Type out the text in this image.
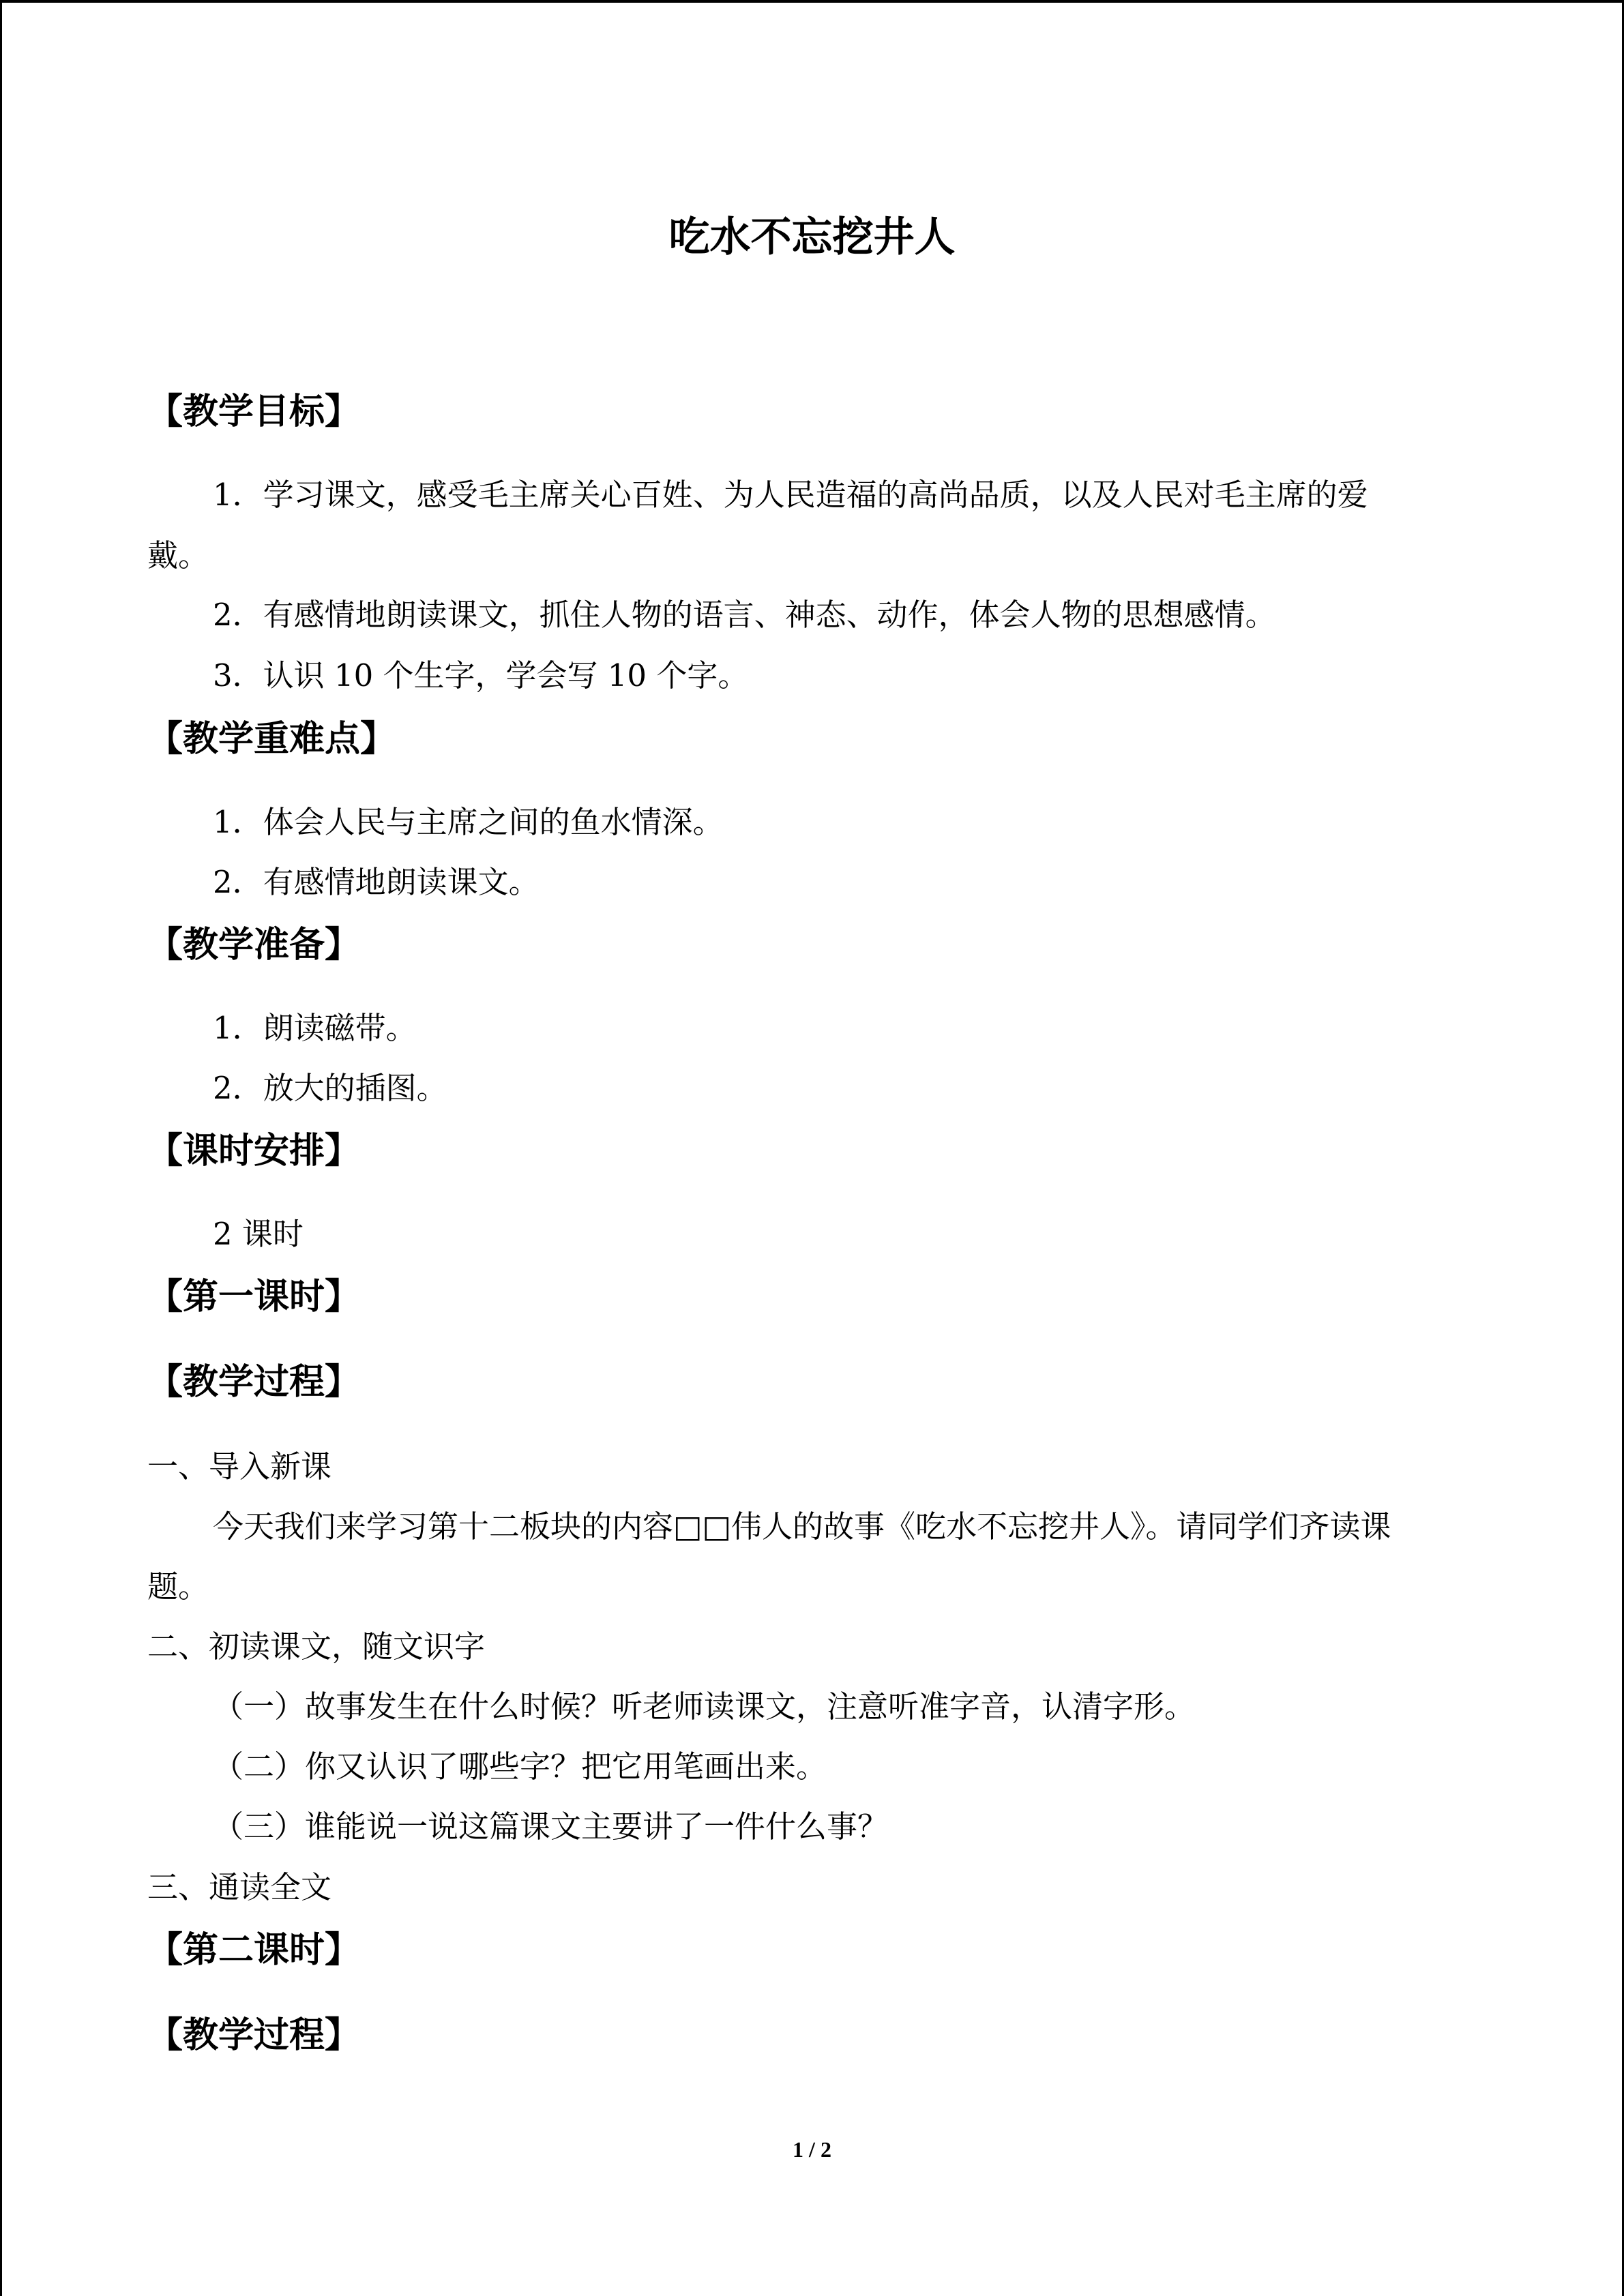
吃水不忘挖井人
【教学目标】
1．学习课文，感受毛主席关心百姓、为人民造福的高尚品质，以及人民对毛主席的爱
戴。
2．有感情地朗读课文，抓住人物的语言、神态、动作，体会人物的思想感情。
3．认识 10 个生字，学会写 10 个字。
【教学重难点】
1．体会人民与主席之间的鱼水情深。
2．有感情地朗读课文。
【教学准备】
1．朗读磁带。
2．放大的插图。
【课时安排】
2 课时
【第一课时】
【教学过程】
一、导入新课
今天我们来学习第十二板块的内容□□伟人的故事《吃水不忘挖井人》。请同学们齐读课
题。
二、初读课文，随文识字
（一）故事发生在什么时候？听老师读课文，注意听准字音，认清字形。
（二）你又认识了哪些字？把它用笔画出来。
（三）谁能说一说这篇课文主要讲了一件什么事？
三、通读全文
【第二课时】
【教学过程】
1 / 2
